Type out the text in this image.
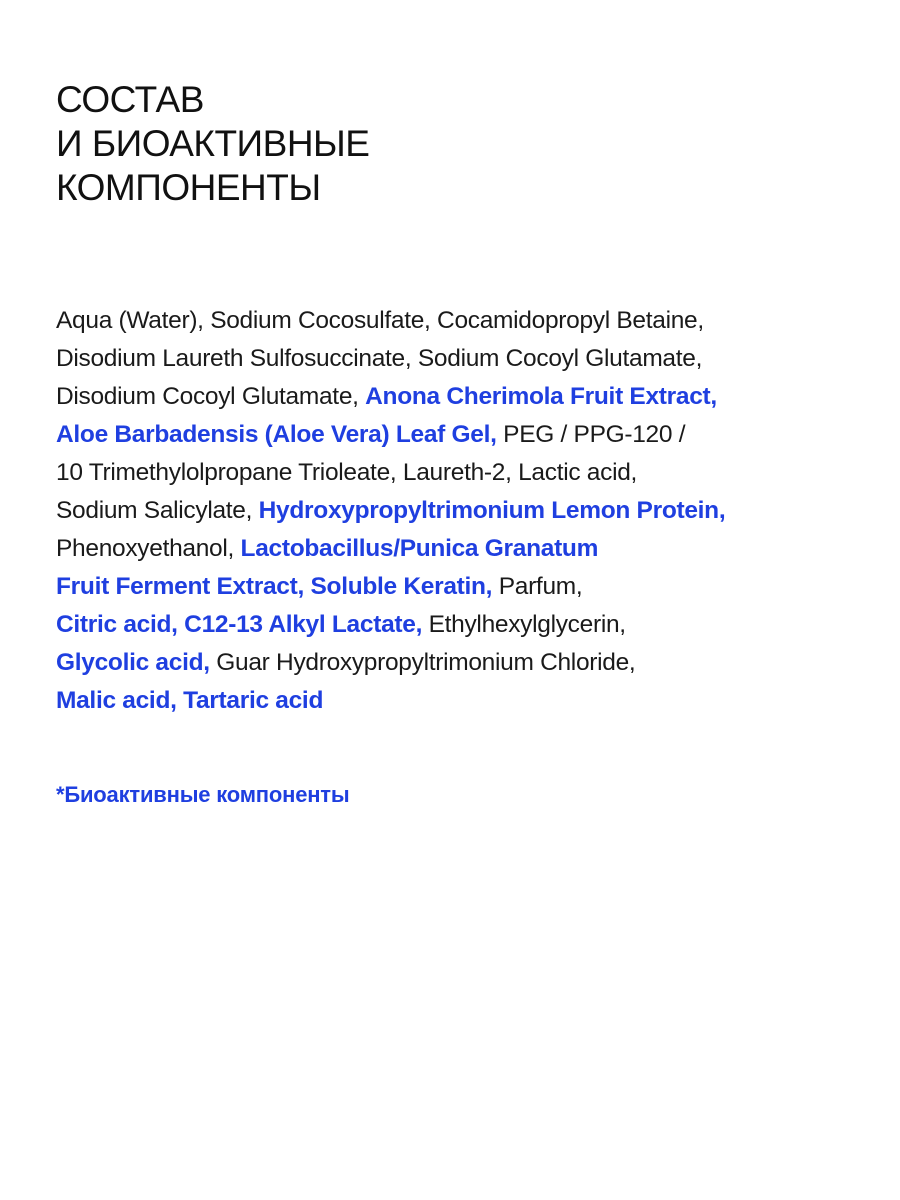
СОСТАВ
И БИОАКТИВНЫЕ
КОМПОНЕНТЫ
Aqua (Water), Sodium Cocosulfate, Cocamidopropyl Betaine,
Disodium Laureth Sulfosuccinate, Sodium Cocoyl Glutamate,
Disodium Cocoyl Glutamate, Anona Cherimola Fruit Extract,
Aloe Barbadensis (Aloe Vera) Leaf Gel, PEG / PPG-120 /
10 Trimethylolpropane Trioleate, Laureth-2, Lactic acid,
Sodium Salicylate, Hydroxypropyltrimonium Lemon Protein,
Phenoxyethanol, Lactobacillus/Punica Granatum
Fruit Ferment Extract, Soluble Keratin, Parfum,
Citric acid, C12-13 Alkyl Lactate, Ethylhexylglycerin,
Glycolic acid, Guar Hydroxypropyltrimonium Chloride,
Malic acid, Tartaric acid

*Биоактивные компоненты
